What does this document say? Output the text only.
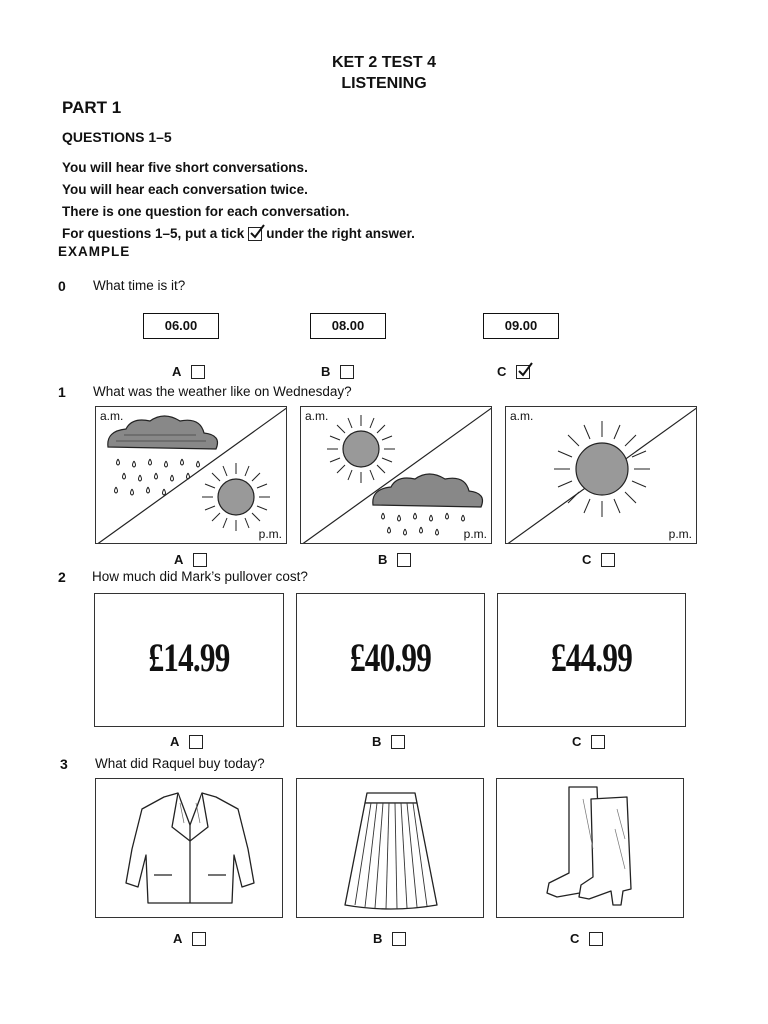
KET 2 TEST 4
LISTENING
PART 1
QUESTIONS 1–5
You will hear five short conversations.
You will hear each conversation twice.
There is one question for each conversation.
For questions 1–5, put a tick under the right answer.
EXAMPLE
0 What time is it?
06.00	08.00	09.00
A	B	C
1 What was the weather like on Wednesday?
a.m.
p.m.
a.m.
p.m.
a.m.
p.m.
A	B	C
2 How much did Mark’s pullover cost?
£14.99	£40.99	£44.99
A	B	C
3 What did Raquel buy today?
A	B	C
